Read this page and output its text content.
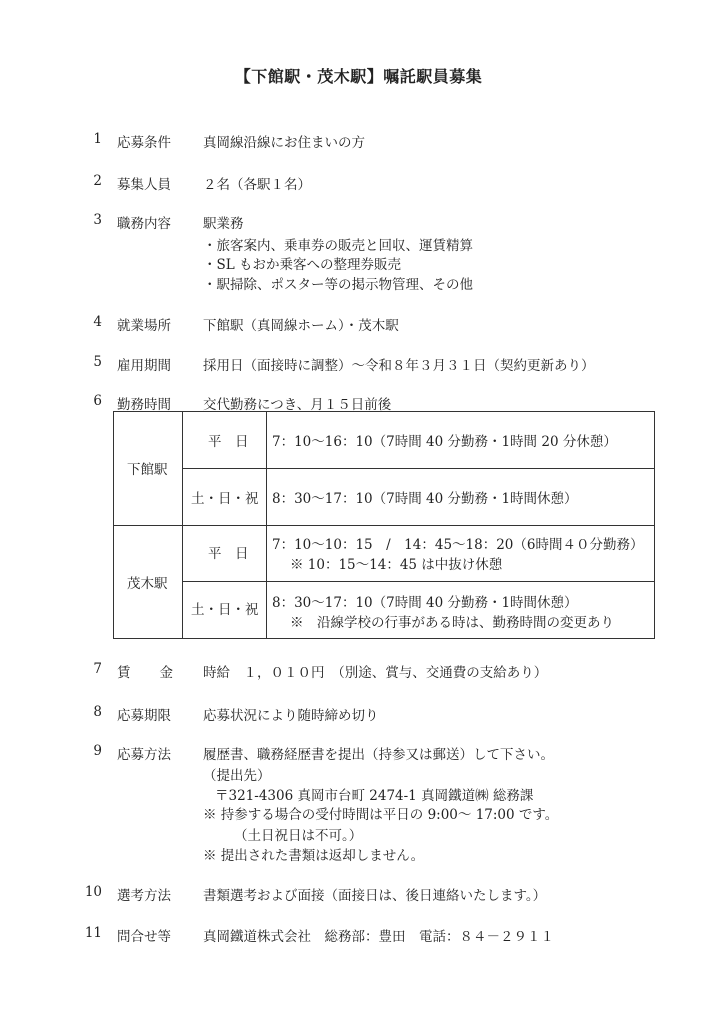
【下館駅・茂木駅】嘱託駅員募集
1 応募条件 真岡線沿線にお住まいの方
2 募集人員 ２名（各駅１名）
3 職務内容 駅業務
・旅客案内、乗車券の販売と回収、運賃精算
・SL もおか乗客への整理券販売
・駅掃除、ポスター等の掲示物管理、その他
4 就業場所 下館駅（真岡線ホーム）・茂木駅
5 雇用期間 採用日（面接時に調整）～令和８年３月３１日（契約更新あり）
6 勤務時間 交代勤務につき、月１５日前後
下館駅
平　日 7：10～16：10（7時間 40 分勤務・1時間 20 分休憩）
土・日・祝 8：30～17：10（7時間 40 分勤務・1時間休憩）
茂木駅
平　日
7：10～10：15　/　14：45～18：20（6時間４０分勤務）
※ 10：15～14：45 は中抜け休憩
土・日・祝 8：30～17：10（7時間 40 分勤務・1時間休憩）
※　沿線学校の行事がある時は、勤務時間の変更あり
7 賃金 時給　１，０１０円　（別途、賞与、交通費の支給あり）
8 応募期限 応募状況により随時締め切り
9 応募方法 履歴書、職務経歴書を提出（持参又は郵送）して下さい。
（提出先）
〒321-4306 真岡市台町 2474-1 真岡鐵道㈱ 総務課
※ 持参する場合の受付時間は平日の 9:00～ 17:00 です。
（土日祝日は不可。）
※ 提出された書類は返却しません。
10 選考方法 書類選考および面接（面接日は、後日連絡いたします。）
11 問合せ等 真岡鐵道株式会社　総務部：豊田　電話：８４－２９１１
